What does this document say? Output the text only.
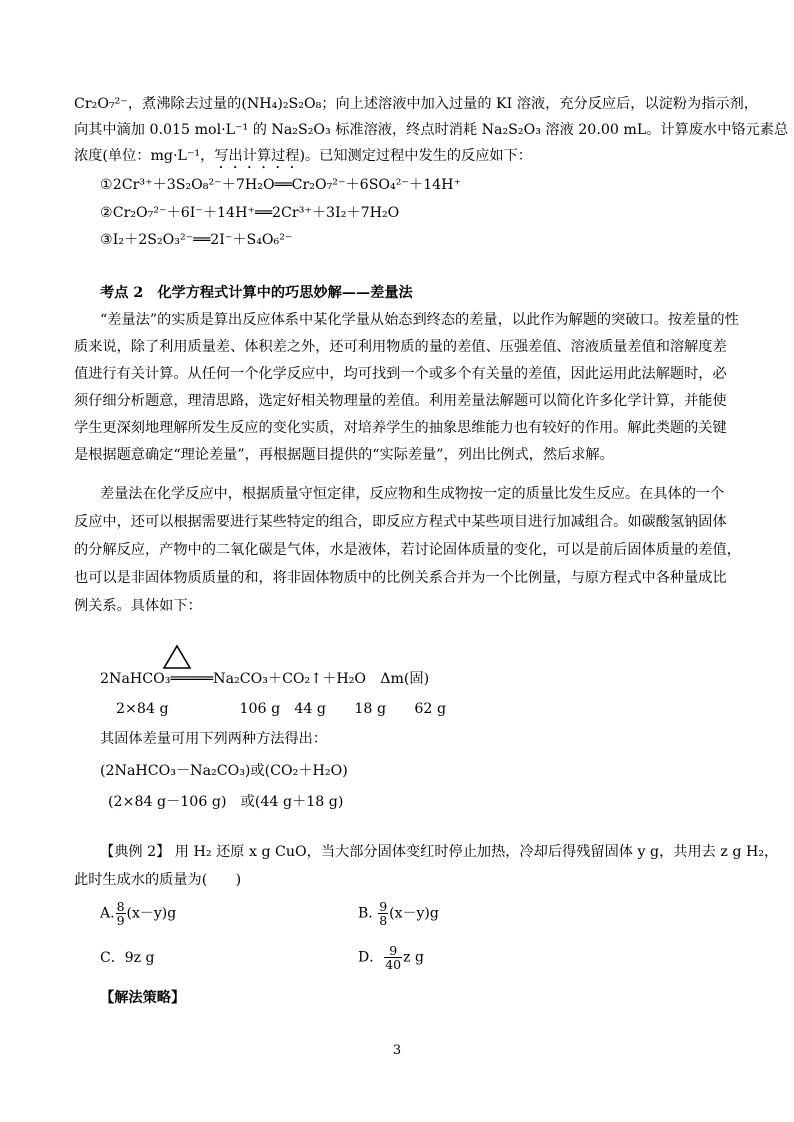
Cr₂O₇²⁻，煮沸除去过量的(NH₄)₂S₂O₈；向上述溶液中加入过量的 KI 溶液，充分反应后，以淀粉为指示剂，
向其中滴加 0.015 mol·L⁻¹ 的 Na₂S₂O₃ 标准溶液，终点时消耗 Na₂S₂O₃ 溶液 20.00 mL。计算废水中铬元素总
浓度(单位：mg·L⁻¹，写出计算过程)。已知测定过程中发生的反应如下：
①2Cr³⁺＋3S₂O₈²⁻＋7H₂O══Cr₂O₇²⁻＋6SO₄²⁻＋14H⁺
②Cr₂O₇²⁻＋6I⁻＋14H⁺══2Cr³⁺＋3I₂＋7H₂O
③I₂＋2S₂O₃²⁻══2I⁻＋S₄O₆²⁻
考点 2　化学方程式计算中的巧思妙解——差量法
“差量法”的实质是算出反应体系中某化学量从始态到终态的差量，以此作为解题的突破口。按差量的性
质来说，除了利用质量差、体积差之外，还可利用物质的量的差值、压强差值、溶液质量差值和溶解度差
值进行有关计算。从任何一个化学反应中，均可找到一个或多个有关量的差值，因此运用此法解题时，必
须仔细分析题意，理清思路，选定好相关物理量的差值。利用差量法解题可以简化许多化学计算，并能使
学生更深刻地理解所发生反应的变化实质，对培养学生的抽象思维能力也有较好的作用。解此类题的关键
是根据题意确定“理论差量”，再根据题目提供的“实际差量”，列出比例式，然后求解。
差量法在化学反应中，根据质量守恒定律，反应物和生成物按一定的质量比发生反应。在具体的一个
反应中，还可以根据需要进行某些特定的组合，即反应方程式中某些项目进行加减组合。如碳酸氢钠固体
的分解反应，产物中的二氧化碳是气体，水是液体，若讨论固体质量的变化，可以是前后固体质量的差值，
也可以是非固体物质质量的和，将非固体物质中的比例关系合并为一个比例量，与原方程式中各种量成比
例关系。具体如下：
2NaHCO₃═════Na₂CO₃＋CO₂↑＋H₂O　Δm(固)
2×84 g　　　　　106 g　44 g　　18 g　　62 g
其固体差量可用下列两种方法得出：
(2NaHCO₃－Na₂CO₃)或(CO₂＋H₂O)
(2×84 g－106 g)　或(44 g＋18 g)
【典例 2】 用 H₂ 还原 x g CuO，当大部分固体变红时停止加热，冷却后得残留固体 y g，共用去 z g H₂，
此时生成水的质量为(　　)
A. $\frac{8}{9} (x-y)g$	B. $\frac{9}{8} (x-y)g$
C．9z g	D． $\frac{9}{40}$ z g
【解法策略】
3
